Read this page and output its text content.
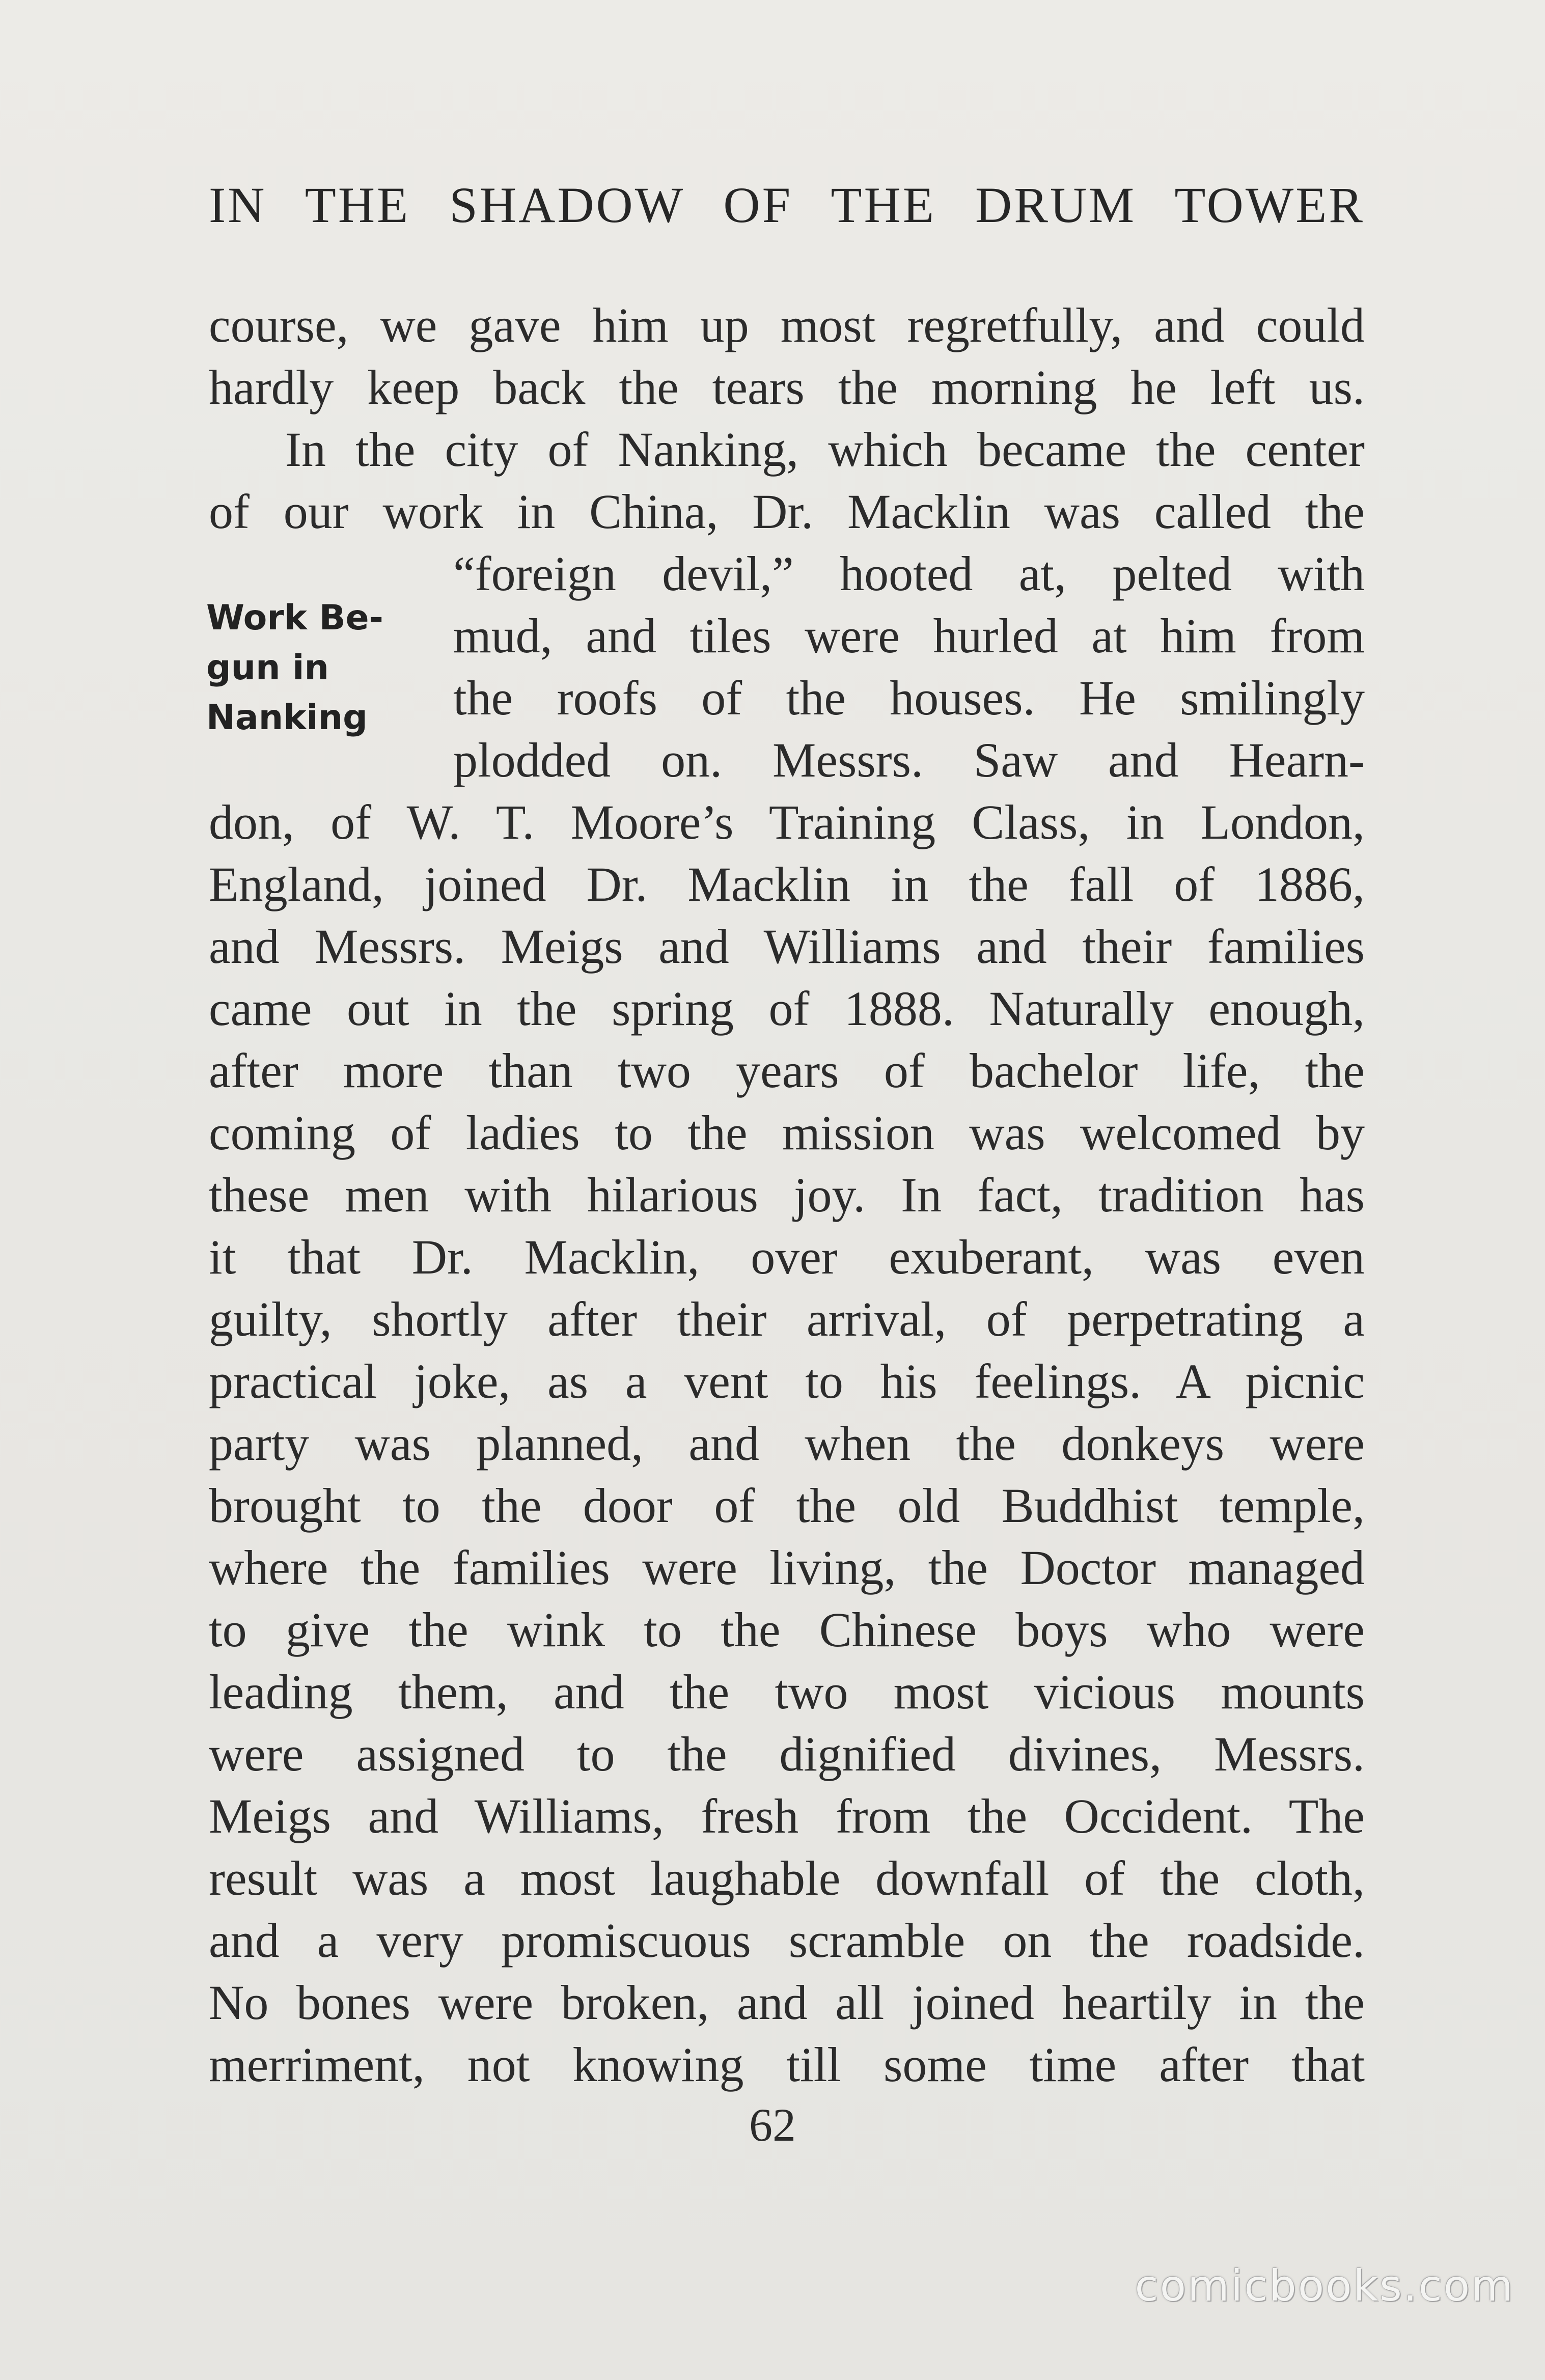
IN THE SHADOW OF THE DRUM TOWER
Work Be-
gun in
Nanking
course, we gave him up most regretfully, and could
hardly keep back the tears the morning he left us.
In the city of Nanking, which became the center
of our work in China, Dr. Macklin was called the
“foreign devil,” hooted at, pelted with
mud, and tiles were hurled at him from
the roofs of the houses. He smilingly
plodded on. Messrs. Saw and Hearn-
don, of W. T. Moore’s Training Class, in London,
England, joined Dr. Macklin in the fall of 1886,
and Messrs. Meigs and Williams and their families
came out in the spring of 1888. Naturally enough,
after more than two years of bachelor life, the
coming of ladies to the mission was welcomed by
these men with hilarious joy. In fact, tradition has
it that Dr. Macklin, over exuberant, was even
guilty, shortly after their arrival, of perpetrating a
practical joke, as a vent to his feelings. A picnic
party was planned, and when the donkeys were
brought to the door of the old Buddhist temple,
where the families were living, the Doctor managed
to give the wink to the Chinese boys who were
leading them, and the two most vicious mounts
were assigned to the dignified divines, Messrs.
Meigs and Williams, fresh from the Occident. The
result was a most laughable downfall of the cloth,
and a very promiscuous scramble on the roadside.
No bones were broken, and all joined heartily in the
merriment, not knowing till some time after that
62
comicbooks.com
